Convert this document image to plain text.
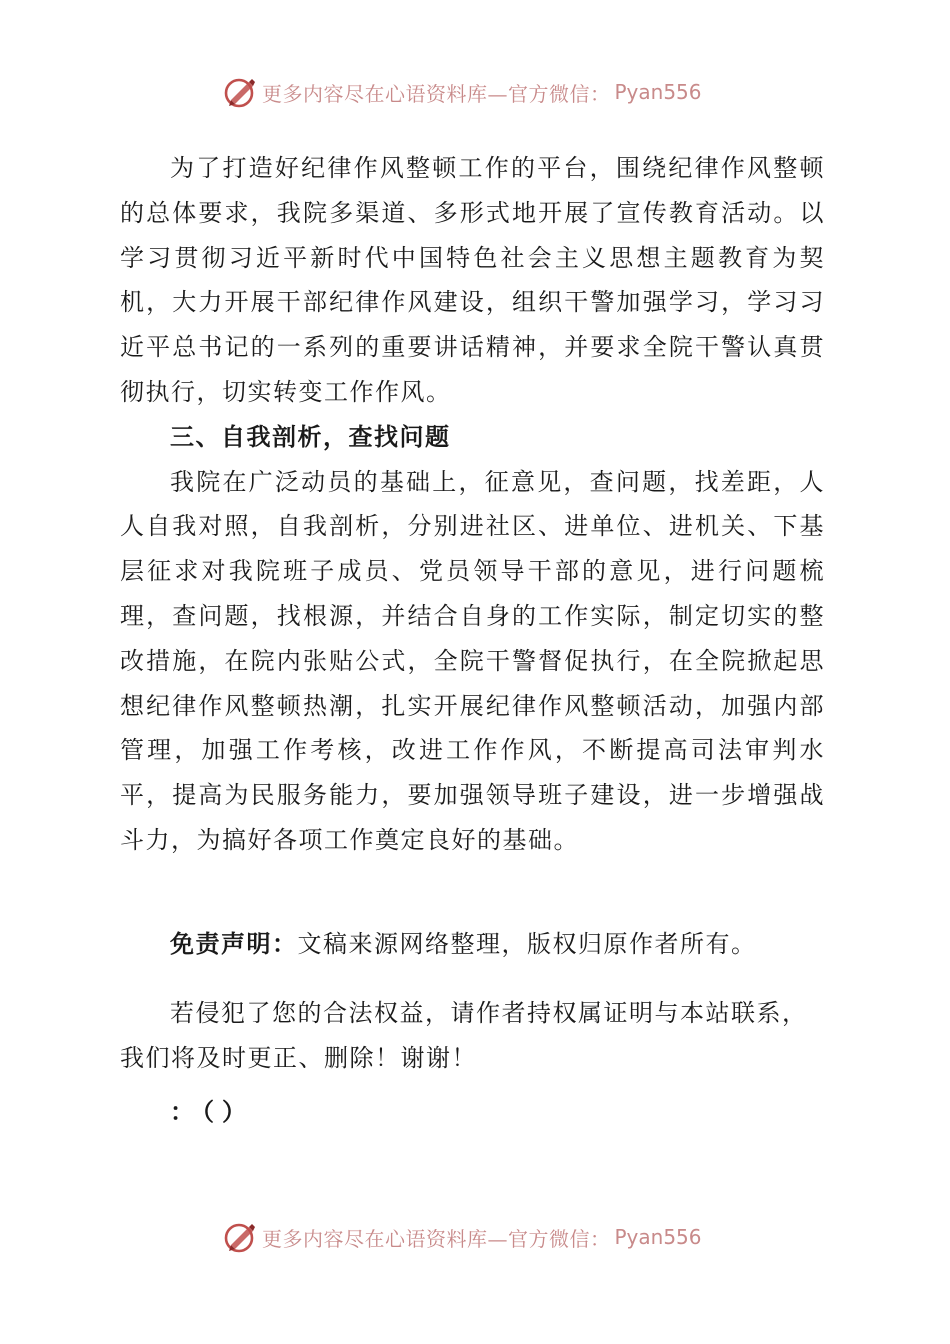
更多内容尽在心语资料库—官方微信： Pyan556

为了打造好纪律作风整顿工作的平台，围绕纪律作风整顿的总体要求，我院多渠道、多形式地开展了宣传教育活动。以学习贯彻习近平新时代中国特色社会主义思想主题教育为契机，大力开展干部纪律作风建设，组织干警加强学习，学习习近平总书记的一系列的重要讲话精神，并要求全院干警认真贯彻执行，切实转变工作作风。

三、自我剖析，查找问题

我院在广泛动员的基础上，征意见，查问题，找差距，人人自我对照，自我剖析，分别进社区、进单位、进机关、下基层征求对我院班子成员、党员领导干部的意见，进行问题梳理，查问题，找根源，并结合自身的工作实际，制定切实的整改措施，在院内张贴公式，全院干警督促执行，在全院掀起思想纪律作风整顿热潮，扎实开展纪律作风整顿活动，加强内部管理，加强工作考核，改进工作作风，不断提高司法审判水平，提高为民服务能力，要加强领导班子建设，进一步增强战斗力，为搞好各项工作奠定良好的基础。

免责声明：文稿来源网络整理，版权归原作者所有。

若侵犯了您的合法权益，请作者持权属证明与本站联系，我们将及时更正、删除！谢谢！

：（）
更多内容尽在心语资料库—官方微信： Pyan556
